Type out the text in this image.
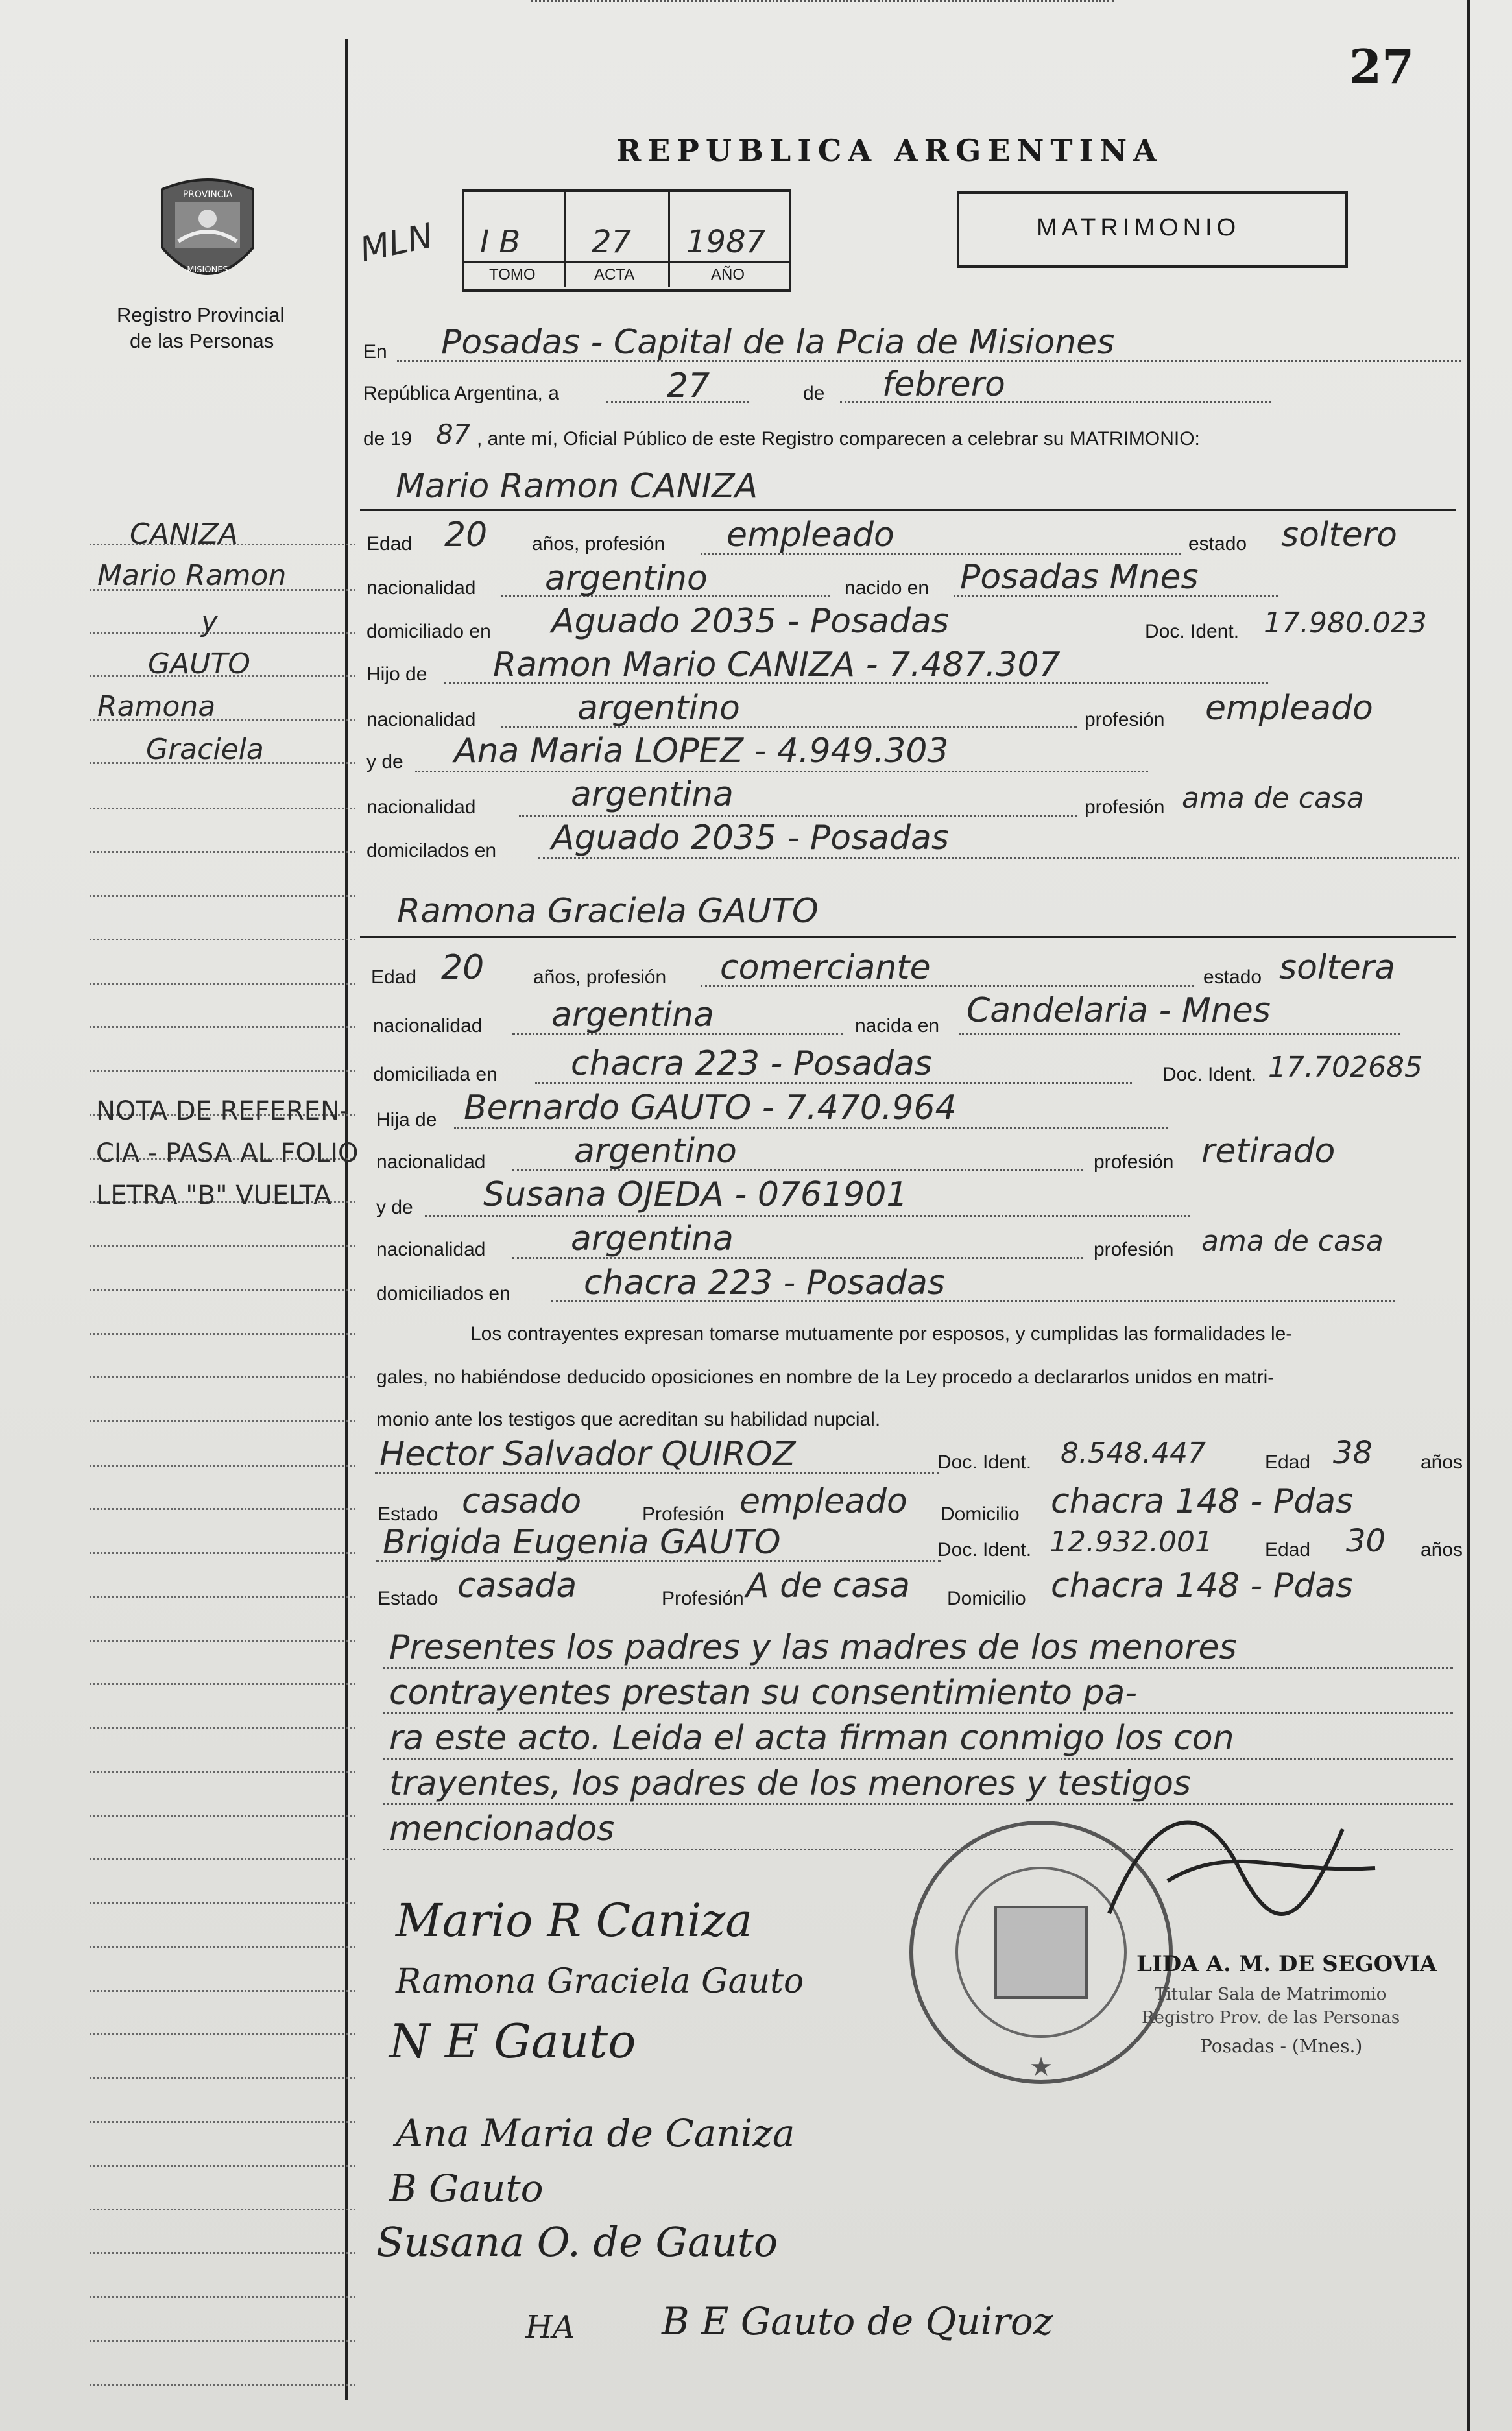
27
REPUBLICA ARGENTINA
PROVINCIA
MISIONES
Registro Provincial
de las Personas
MLN I B 27 1987
TOMO	ACTA	AÑO
MATRIMONIO
En Posadas - Capital de la Pcia de Misiones
República Argentina, a	27	de febrero
de 19 87 , ante mí, Oficial Público de este Registro comparecen a celebrar su MATRIMONIO:
Mario Ramon CANIZA
Edad 20 años, profesión empleado	estado soltero
nacionalidad argentino	nacido en Posadas Mnes
domiciliado en Aguado 2035 - Posadas	Doc. Ident. 17.980.023
Hijo de Ramon Mario CANIZA - 7.487.307
nacionalidad	argentino	profesión empleado
y de Ana Maria LOPEZ - 4.949.303
nacionalidad	argentina	profesión ama de casa
domicilados en Aguado 2035 - Posadas
Ramona Graciela GAUTO
Edad 20	años, profesión comerciante	estado soltera
nacionalidad argentina	nacida en Candelaria - Mnes
domiciliada en chacra 223 - Posadas	Doc. Ident. 17.702685
Hija de Bernardo GAUTO - 7.470.964
nacionalidad	argentino	profesión retirado
y de Susana OJEDA - 0761901
nacionalidad	argentina	profesión ama de casa
domiciliados en chacra 223 - Posadas
Los contrayentes expresan tomarse mutuamente por esposos, y cumplidas las formalidades le-
gales, no habiéndose deducido oposiciones en nombre de la Ley procedo a declararlos unidos en matri-
monio ante los testigos que acreditan su habilidad nupcial.
Hector Salvador QUIROZ	Doc. Ident. 8.548.447	Edad 38 años
Estado casado	Profesión empleado Domicilio chacra 148 - Pdas
Brigida Eugenia GAUTO	Doc. Ident. 12.932.001	Edad 30 años
Estado casada	Profesión A de casa Domicilio chacra 148 - Pdas
Presentes los padres y las madres de los menores
contrayentes prestan su consentimiento pa-
ra este acto. Leida el acta firman conmigo los con
trayentes, los padres de los menores y testigos
mencionados
★
LIDA A. M. DE SEGOVIA
Titular Sala de Matrimonio
Registro Prov. de las Personas
Posadas - (Mnes.)
Mario R Caniza
Ramona Graciela Gauto
N E Gauto
Ana Maria de Caniza
B Gauto
Susana O. de Gauto
B E Gauto de Quiroz
HA
CANIZA
Mario Ramon
y
GAUTO
Ramona
Graciela
NOTA DE REFEREN-
CIA - PASA AL FOLIO
LETRA "B" VUELTA
